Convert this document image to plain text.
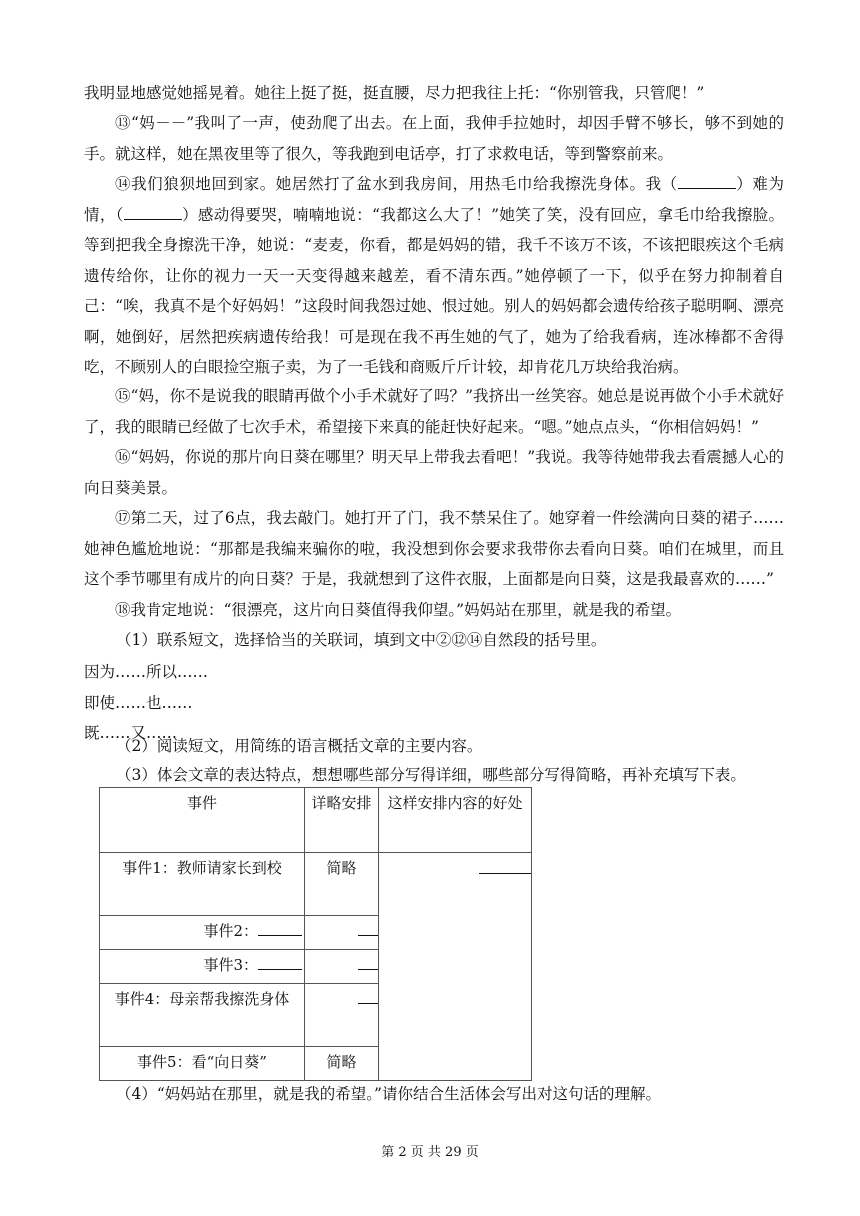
我明显地感觉她摇晃着。她往上挺了挺，挺直腰，尽力把我往上托：“你别管我，只管爬！”

⑬“妈－－”我叫了一声，使劲爬了出去。在上面，我伸手拉她时，却因手臂不够长，够不到她的手。就这样，她在黑夜里等了很久，等我跑到电话亭，打了求救电话，等到警察前来。

⑭我们狼狈地回到家。她居然打了盆水到我房间，用热毛巾给我擦洗身体。我（	）难为情，（	）感动得要哭，喃喃地说：“我都这么大了！”她笑了笑，没有回应，拿毛巾给我擦脸。等到把我全身擦洗干净，她说：“麦麦，你看，都是妈妈的错，我千不该万不该，不该把眼疾这个毛病遗传给你，让你的视力一天一天变得越来越差，看不清东西。”她停顿了一下，似乎在努力抑制着自己：“唉，我真不是个好妈妈！”这段时间我怨过她、恨过她。别人的妈妈都会遗传给孩子聪明啊、漂亮啊，她倒好，居然把疾病遗传给我！可是现在我不再生她的气了，她为了给我看病，连冰棒都不舍得吃，不顾别人的白眼捡空瓶子卖，为了一毛钱和商贩斤斤计较，却肯花几万块给我治病。

⑮“妈，你不是说我的眼睛再做个小手术就好了吗？”我挤出一丝笑容。她总是说再做个小手术就好了，我的眼睛已经做了七次手术，希望接下来真的能赶快好起来。“嗯。”她点点头，“你相信妈妈！”

⑯“妈妈，你说的那片向日葵在哪里？明天早上带我去看吧！”我说。我等待她带我去看震撼人心的向日葵美景。

⑰第二天，过了6点，我去敲门。她打开了门，我不禁呆住了。她穿着一件绘满向日葵的裙子……她神色尴尬地说：“那都是我编来骗你的啦，我没想到你会要求我带你去看向日葵。咱们在城里，而且这个季节哪里有成片的向日葵？于是，我就想到了这件衣服，上面都是向日葵，这是我最喜欢的……”

⑱我肯定地说：“很漂亮，这片向日葵值得我仰望。”妈妈站在那里，就是我的希望。

（1）联系短文，选择恰当的关联词，填到文中②⑫⑭自然段的括号里。

因为……所以……

即使……也……

既……又……

（2）阅读短文，用简练的语言概括文章的主要内容。

（3）体会文章的表达特点，想想哪些部分写得详细，哪些部分写得简略，再补充填写下表。

事件	详略安排	这样安排内容的好处
事件1：教师请家长到校	简略	
事件2：		
事件3：		
事件4：母亲帮我擦洗身体		
事件5：看“向日葵”	简略	

（4）“妈妈站在那里，就是我的希望。”请你结合生活体会写出对这句话的理解。

第 2 页 共 29 页
